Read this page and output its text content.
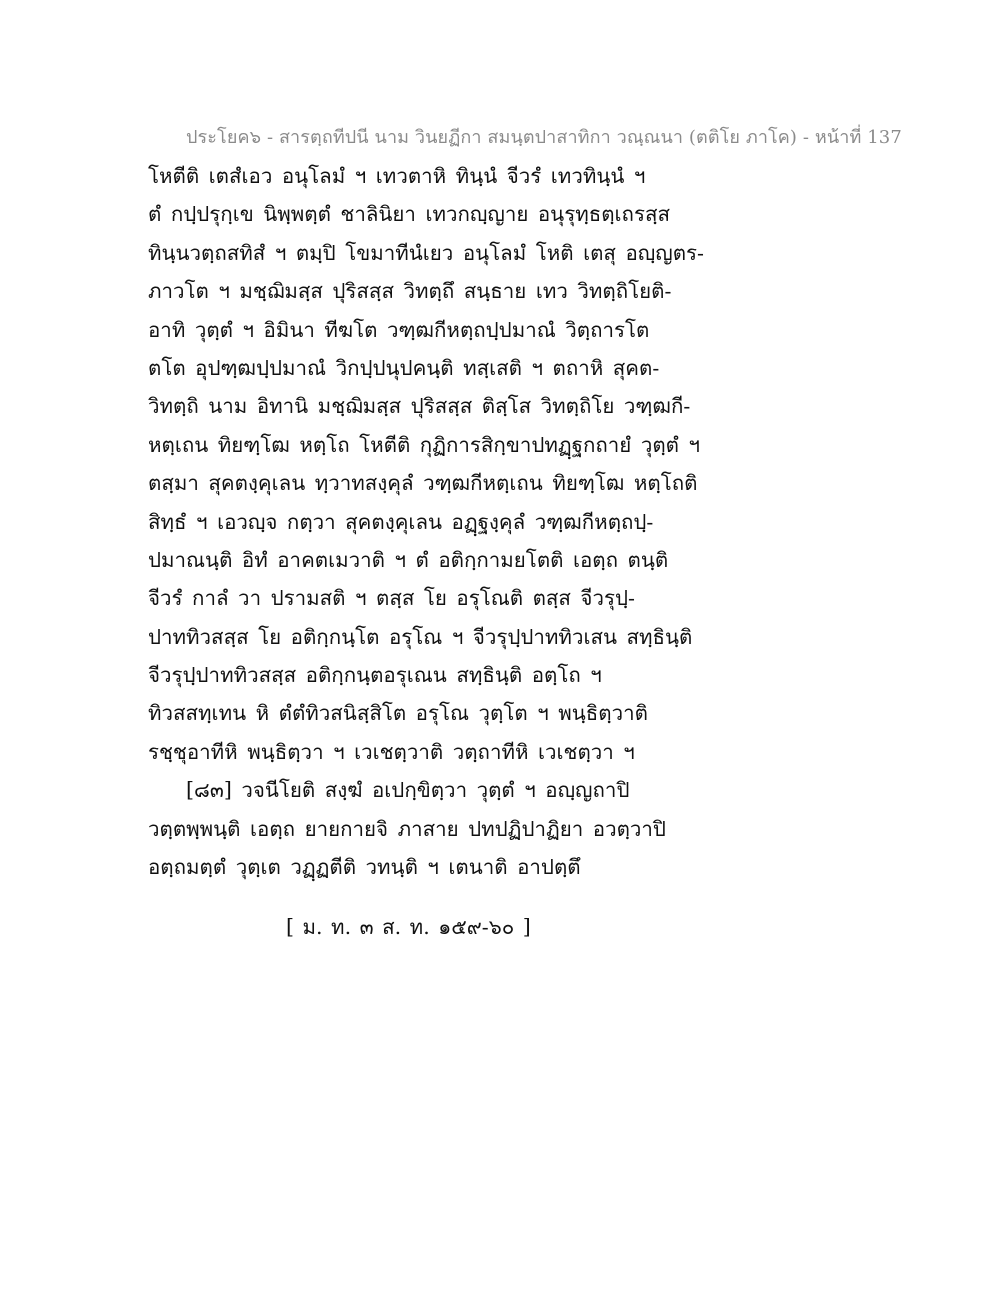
ประโยค๖ - สารตฺถทีปนี นาม วินยฏีกา สมนฺตปาสาทิกา วณฺณนา (ตติโย ภาโค) - หน้าที่ 137
โหตีติ เตสํเอว อนุโลมํ ฯ เทวตาหิ ทินฺนํ จีวรํ เทวทินฺนํ ฯ
ตํ กปฺปรุกฺเข นิพฺพตฺตํ ชาลินิยา เทวกญฺญาย อนุรุทฺธตฺเถรสฺส
ทินฺนวตฺถสทิสํ ฯ ตมฺปิ โขมาทีนํเยว อนุโลมํ โหติ เตสุ อญฺญตร-
ภาวโต ฯ มชฺฌิมสฺส ปุริสสฺส วิทตฺถึ สนฺธาย เทว วิทตฺถิโยติ-
อาทิ วุตฺตํ ฯ อิมินา ทีฆโต วฑฺฒกีหตฺถปฺปมาณํ วิตฺถารโต
ตโต อุปฑฺฒปฺปมาณํ วิกปฺปนุปคนฺติ ทสฺเสติ ฯ ตถาหิ สุคต-
วิทตฺถิ นาม อิทานิ มชฺฌิมสฺส ปุริสสฺส ติสฺโส วิทตฺถิโย วฑฺฒกี-
หตฺเถน ทิยฑฺโฒ หตฺโถ โหตีติ กุฏิการสิกฺขาปทฏฺฐกถายํ วุตฺตํ ฯ
ตสฺมา สุคตงฺคุเลน ทฺวาทสงฺคุลํ วฑฺฒกีหตฺเถน ทิยฑฺโฒ หตฺโถติ
สิทฺธํ ฯ เอวญฺจ กตฺวา สุคตงฺคุเลน อฏฺฐงฺคุลํ วฑฺฒกีหตฺถปฺ-
ปมาณนฺติ อิทํ อาคตเมวาติ ฯ ตํ อติกฺกามยโตติ เอตฺถ ตนฺติ
จีวรํ กาลํ วา ปรามสติ ฯ ตสฺส โย อรุโณติ ตสฺส จีวรุปฺ-
ปาททิวสสฺส โย อติกฺกนฺโต อรุโณ ฯ จีวรุปฺปาททิวเสน สทฺธินฺติ
จีวรุปฺปาททิวสสฺส อติกฺกนฺตอรุเณน สทฺธินฺติ อตฺโถ ฯ
ทิวสสทฺเทน หิ ตํตํทิวสนิสฺสิโต อรุโณ วุตฺโต ฯ พนฺธิตฺวาติ
รชฺชุอาทีหิ พนฺธิตฺวา ฯ เวเชตฺวาติ วตฺถาทีหิ เวเชตฺวา ฯ
[๘๓] วจนีโยติ สงฺฆํ อเปกฺขิตฺวา วุตฺตํ ฯ อญฺญถาปิ
วตฺตพฺพนฺติ เอตฺถ ยายกายจิ ภาสาย ปทปฏิปาฏิยา อวตฺวาปิ
อตฺถมตฺตํ วุตฺเต วฏฺฏตีติ วทนฺติ ฯ เตนาติ อาปตฺตึ
[ ม. ท. ๓ ส. ท. ๑๕๙-๖๐ ]
